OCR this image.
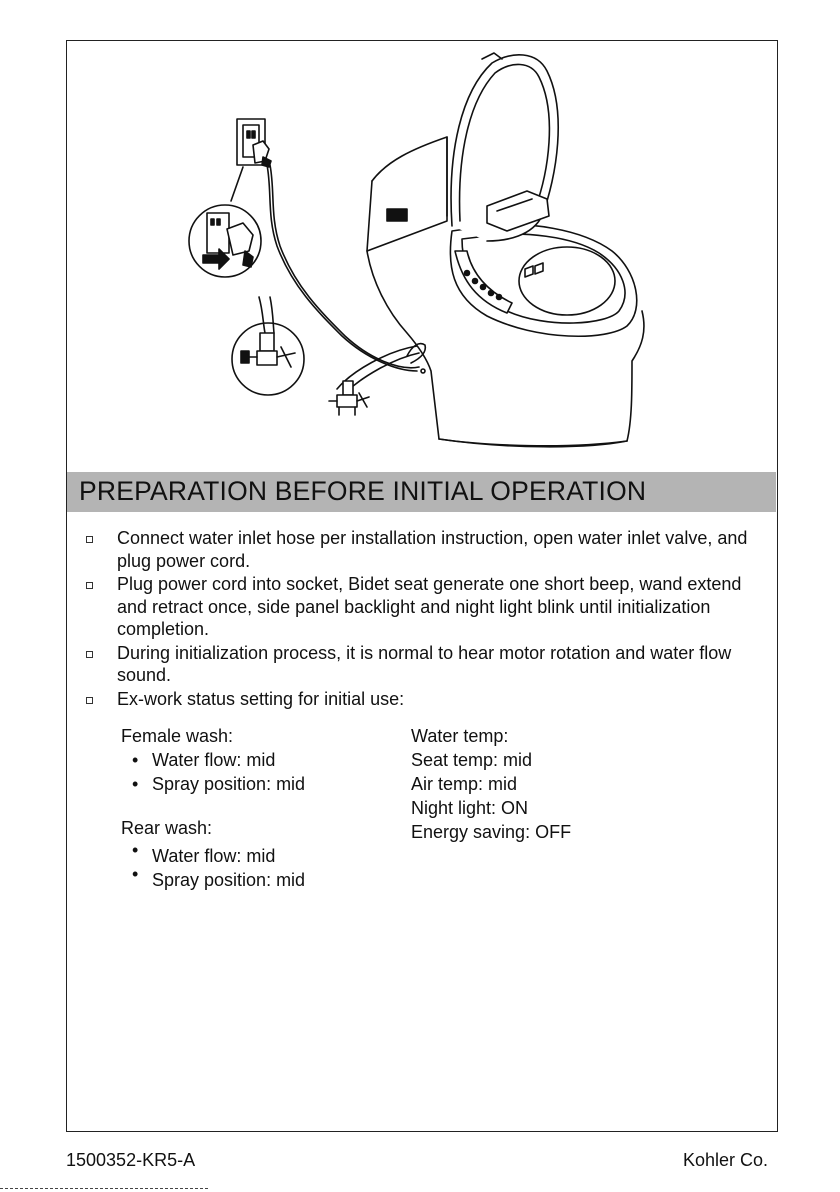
PREPARATION BEFORE INITIAL OPERATION
Connect water inlet hose per installation instruction, open water inlet valve, and plug power cord.
Plug power cord into socket, Bidet seat generate one short beep, wand extend and retract once, side panel backlight and night light blink until initialization completion.
During initialization process, it is normal to hear motor rotation and water flow sound.
Ex-work status setting for initial use:
Female wash:
• Water flow: mid
• Spray position: mid
Rear wash:
• Water flow: mid
• Spray position: mid
Water temp:
Seat temp: mid
Air temp: mid
Night light: ON
Energy saving: OFF
1500352-KR5-A	Kohler Co.
